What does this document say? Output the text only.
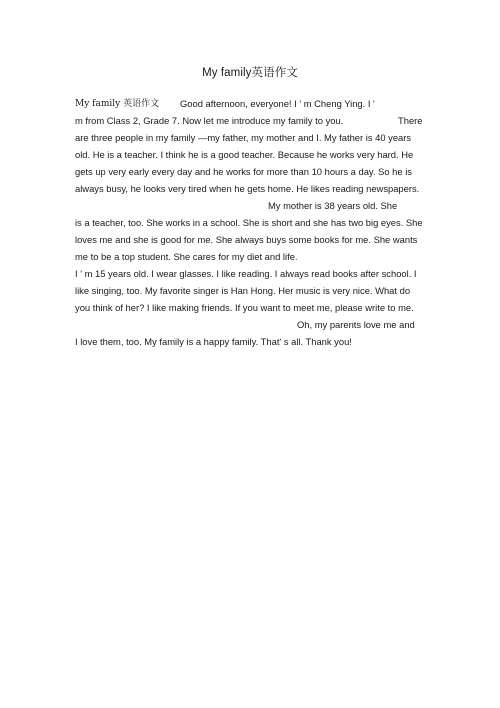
My family英语作文
My family 英语作文 Good afternoon, everyone! I ' m Cheng Ying. I '
m from Class 2, Grade 7. Now let me introduce my family to you.	There
are three people in my family —my father, my mother and I. My father is 40 years
old. He is a teacher. I think he is a good teacher. Because he works very hard. He
gets up very early every day and he works for more than 10 hours a day. So he is
always busy, he looks very tired when he gets home. He likes reading newspapers.
My mother is 38 years old. She
is a teacher, too. She works in a school. She is short and she has two big eyes. She
loves me and she is good for me. She always buys some books for me. She wants
me to be a top student. She cares for my diet and life.
I ' m 15 years old. I wear glasses. I like reading. I always read books after school. I
like singing, too. My favorite singer is Han Hong. Her music is very nice. What do
you think of her? I like making friends. If you want to meet me, please write to me.
Oh, my parents love me and
I love them, too. My family is a happy family. That' s all. Thank you!
